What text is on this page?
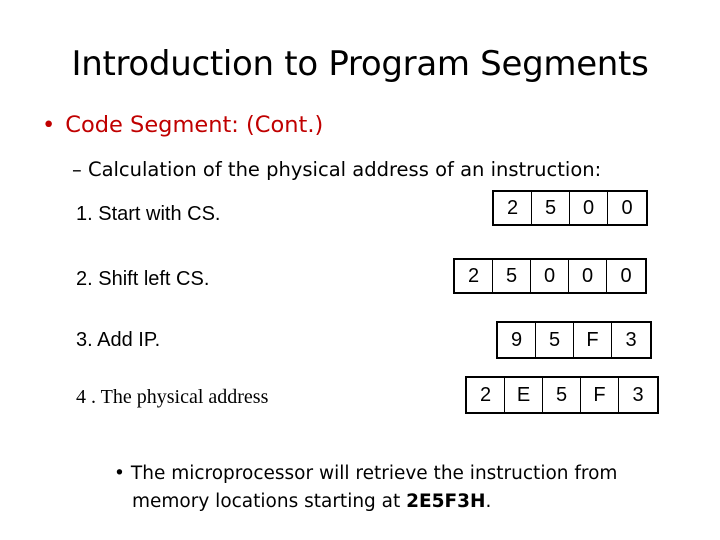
Introduction to Program Segments
• Code Segment: (Cont.)
– Calculation of the physical address of an instruction:
1. Start with CS.	2	5	0	0
2. Shift left CS.	2	5	0	0	0
3. Add IP.	9	5	F	3
4 . The physical address	2	E	5	F	3
• The microprocessor will retrieve the instruction from
memory locations starting at 2E5F3H.
